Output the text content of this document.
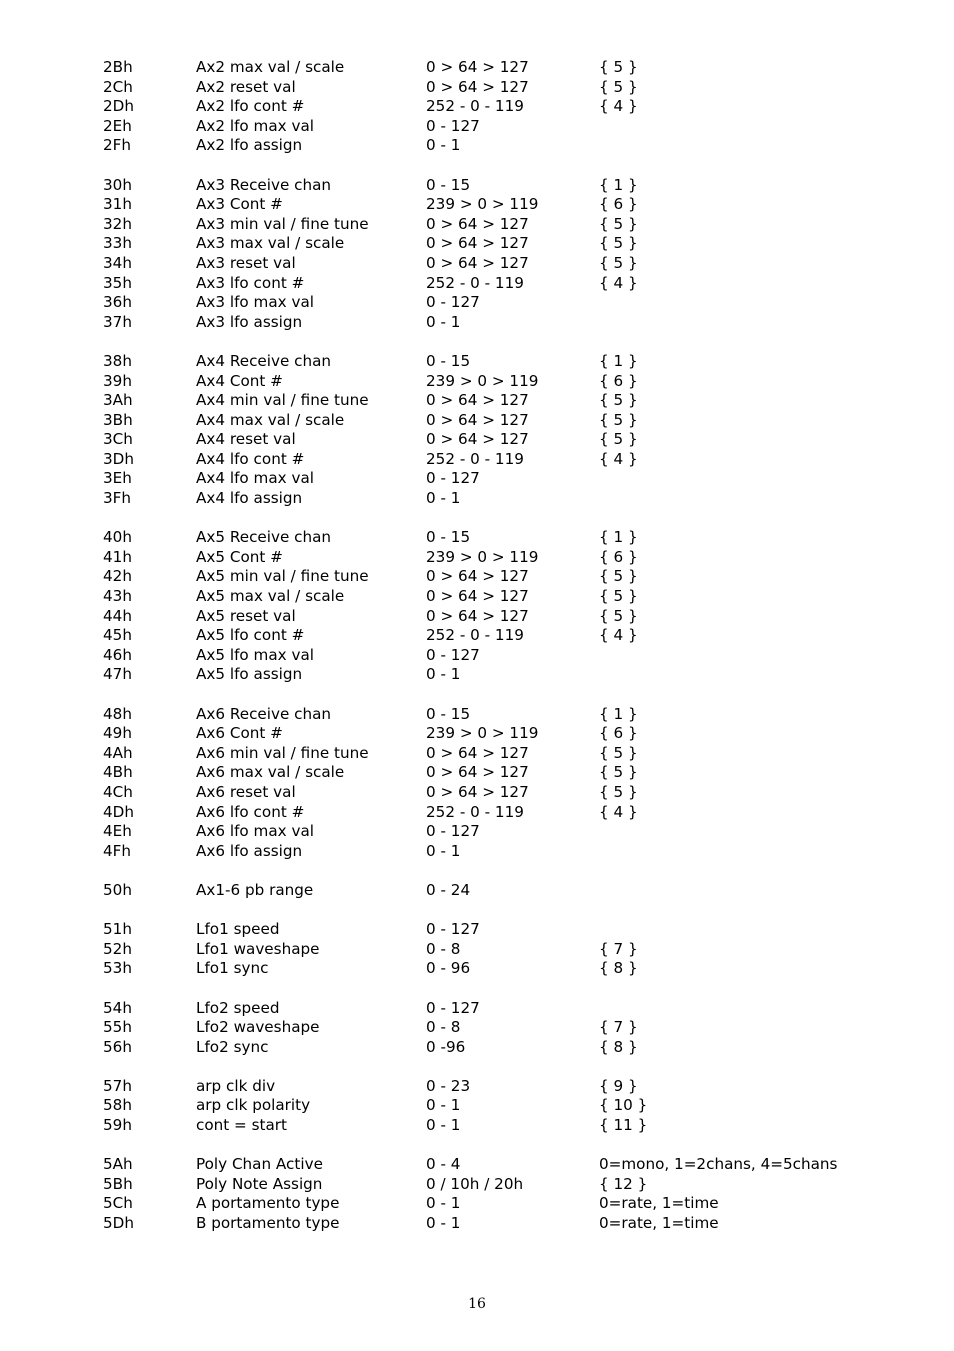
2Bh	Ax2 max val / scale	0 > 64 > 127	{ 5 }
2Ch	Ax2 reset val	0 > 64 > 127	{ 5 }
2Dh	Ax2 lfo cont #	252 - 0 - 119	{ 4 }
2Eh	Ax2 lfo max val	0 - 127
2Fh	Ax2 lfo assign	0 - 1
30h	Ax3 Receive chan	0 - 15	{ 1 }
31h	Ax3 Cont #	239 > 0 > 119	{ 6 }
32h	Ax3 min val / fine tune	0 > 64 > 127	{ 5 }
33h	Ax3 max val / scale	0 > 64 > 127	{ 5 }
34h	Ax3 reset val	0 > 64 > 127	{ 5 }
35h	Ax3 lfo cont #	252 - 0 - 119	{ 4 }
36h	Ax3 lfo max val	0 - 127
37h	Ax3 lfo assign	0 - 1
38h	Ax4 Receive chan	0 - 15	{ 1 }
39h	Ax4 Cont #	239 > 0 > 119	{ 6 }
3Ah	Ax4 min val / fine tune	0 > 64 > 127	{ 5 }
3Bh	Ax4 max val / scale	0 > 64 > 127	{ 5 }
3Ch	Ax4 reset val	0 > 64 > 127	{ 5 }
3Dh	Ax4 lfo cont #	252 - 0 - 119	{ 4 }
3Eh	Ax4 lfo max val	0 - 127
3Fh	Ax4 lfo assign	0 - 1
40h	Ax5 Receive chan	0 - 15	{ 1 }
41h	Ax5 Cont #	239 > 0 > 119	{ 6 }
42h	Ax5 min val / fine tune	0 > 64 > 127	{ 5 }
43h	Ax5 max val / scale	0 > 64 > 127	{ 5 }
44h	Ax5 reset val	0 > 64 > 127	{ 5 }
45h	Ax5 lfo cont #	252 - 0 - 119	{ 4 }
46h	Ax5 lfo max val	0 - 127
47h	Ax5 lfo assign	0 - 1
48h	Ax6 Receive chan	0 - 15	{ 1 }
49h	Ax6 Cont #	239 > 0 > 119	{ 6 }
4Ah	Ax6 min val / fine tune	0 > 64 > 127	{ 5 }
4Bh	Ax6 max val / scale	0 > 64 > 127	{ 5 }
4Ch	Ax6 reset val	0 > 64 > 127	{ 5 }
4Dh	Ax6 lfo cont #	252 - 0 - 119	{ 4 }
4Eh	Ax6 lfo max val	0 - 127
4Fh	Ax6 lfo assign	0 - 1
50h	Ax1-6 pb range	0 - 24
51h	Lfo1 speed	0 - 127
52h	Lfo1 waveshape	0 - 8	{ 7 }
53h	Lfo1 sync	0 - 96	{ 8 }
54h	Lfo2 speed	0 - 127
55h	Lfo2 waveshape	0 - 8	{ 7 }
56h	Lfo2 sync	0 -96	{ 8 }
57h	arp clk div	0 - 23	{ 9 }
58h	arp clk polarity	0 - 1	{ 10 }
59h	cont = start	0 - 1	{ 11 }
5Ah	Poly Chan Active	0 - 4	0=mono, 1=2chans, 4=5chans
5Bh	Poly Note Assign	0 / 10h / 20h	{ 12 }
5Ch	A portamento type	0 - 1	0=rate, 1=time
5Dh	B portamento type	0 - 1	0=rate, 1=time
16
